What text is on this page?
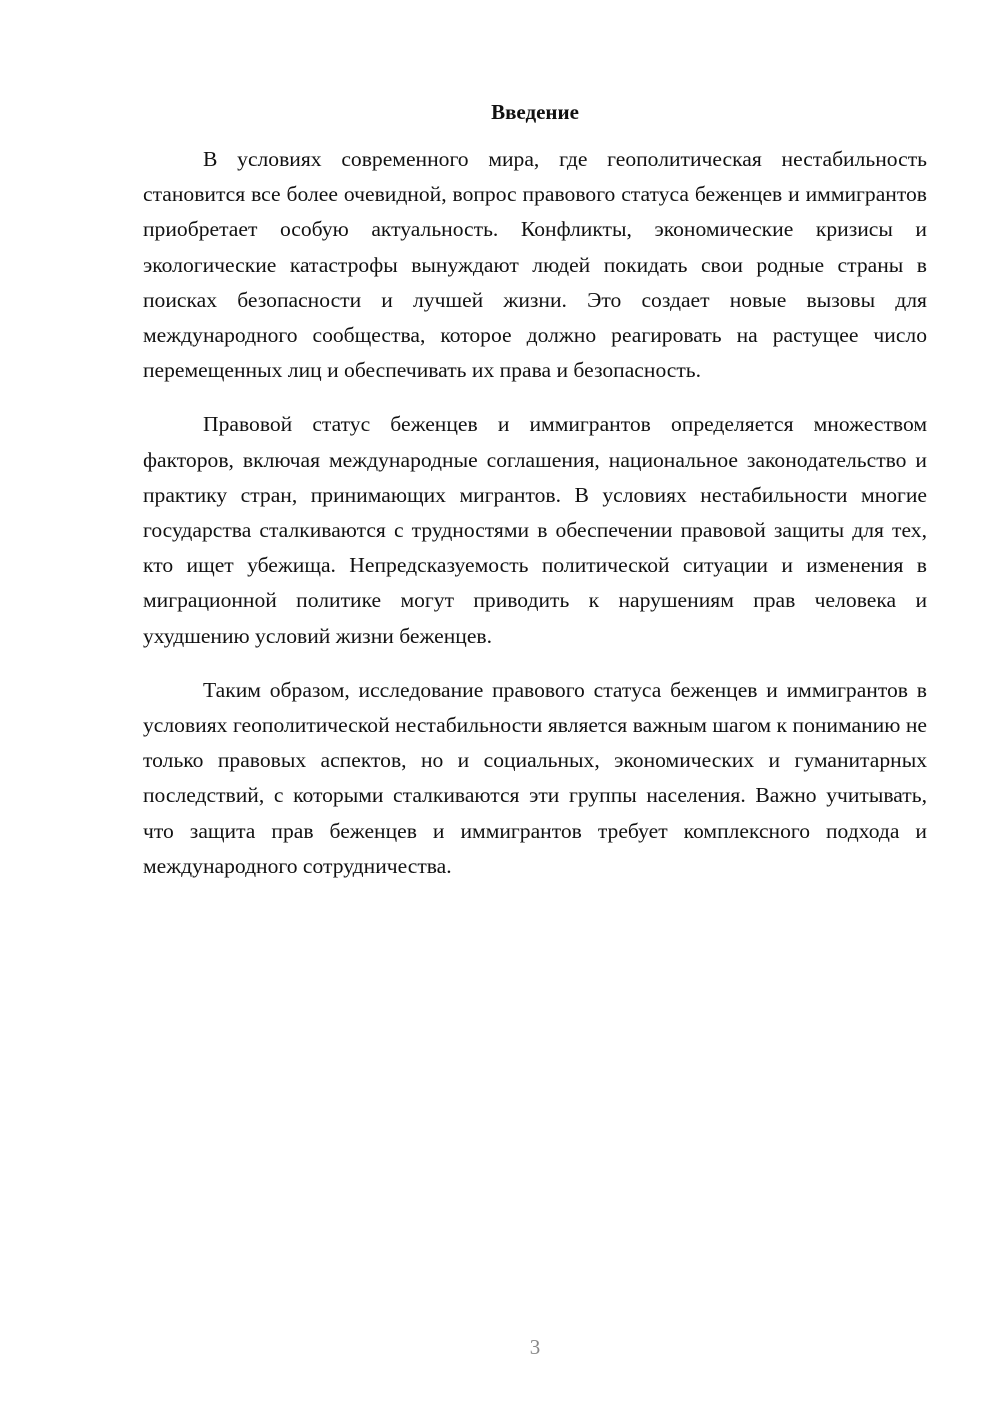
Введение

В условиях современного мира, где геополитическая нестабильность становится все более очевидной, вопрос правового статуса беженцев и иммигрантов приобретает особую актуальность. Конфликты, экономические кризисы и экологические катастрофы вынуждают людей покидать свои родные страны в поисках безопасности и лучшей жизни. Это создает новые вызовы для международного сообщества, которое должно реагировать на растущее число перемещенных лиц и обеспечивать их права и безопасность.

Правовой статус беженцев и иммигрантов определяется множеством факторов, включая международные соглашения, национальное законодательство и практику стран, принимающих мигрантов. В условиях нестабильности многие государства сталкиваются с трудностями в обеспечении правовой защиты для тех, кто ищет убежища. Непредсказуемость политической ситуации и изменения в миграционной политике могут приводить к нарушениям прав человека и ухудшению условий жизни беженцев.

Таким образом, исследование правового статуса беженцев и иммигрантов в условиях геополитической нестабильности является важным шагом к пониманию не только правовых аспектов, но и социальных, экономических и гуманитарных последствий, с которыми сталкиваются эти группы населения. Важно учитывать, что защита прав беженцев и иммигрантов требует комплексного подхода и международного сотрудничества.

3
